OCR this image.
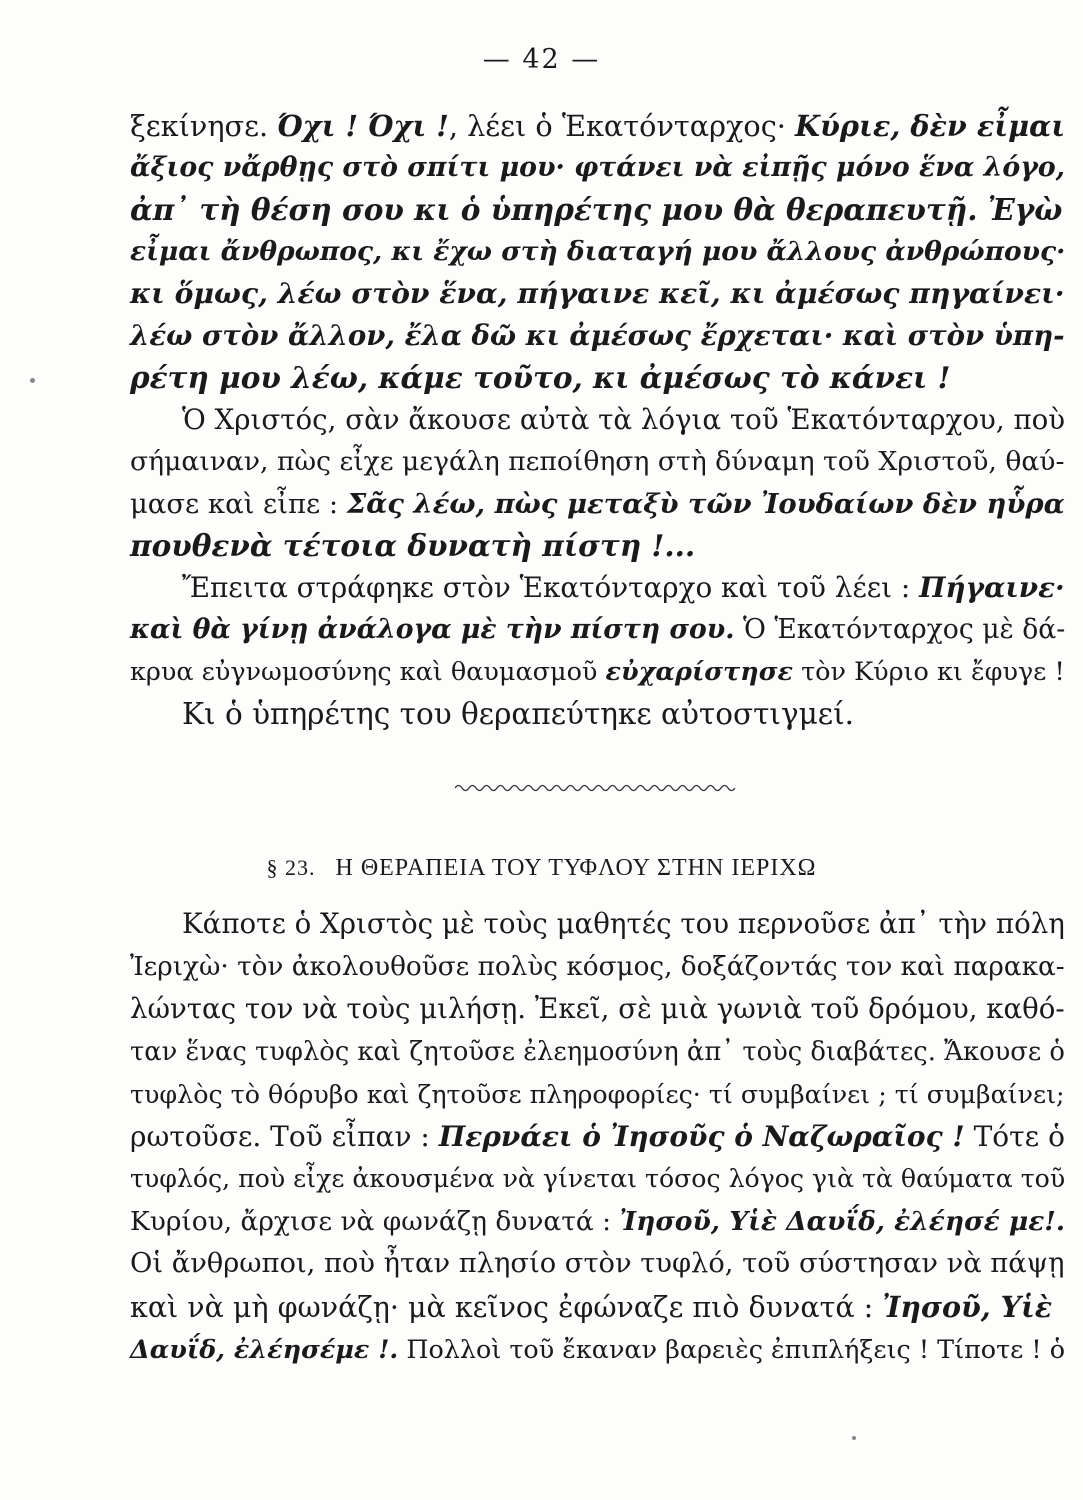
— 42 —
ξεκίνησε. Όχι ! Όχι !, λέει ὁ Ἑκατόνταρχος· Κύριε, δὲν εἶμαι
ἄξιος νἄρθῃς στὸ σπίτι μου· φτάνει νὰ εἰπῇς μόνο ἕνα λόγο,
ἀπ᾽ τὴ θέση σου κι ὁ ὑπηρέτης μου θὰ θεραπευτῇ. Ἐγὼ
εἶμαι ἄνθρωπος, κι ἔχω στὴ διαταγή μου ἄλλους ἀνθρώπους·
κι ὅμως, λέω στὸν ἕνα, πήγαινε κεῖ, κι ἀμέσως πηγαίνει·
λέω στὸν ἄλλον, ἔλα δῶ κι ἀμέσως ἔρχεται· καὶ στὸν ὑπη-
ρέτη μου λέω, κάμε τοῦτο, κι ἀμέσως τὸ κάνει !
Ὁ Χριστός, σὰν ἄκουσε αὐτὰ τὰ λόγια τοῦ Ἑκατόνταρχου, ποὺ
σήμαιναν, πὼς εἶχε μεγάλη πεποίθηση στὴ δύναμη τοῦ Χριστοῦ, θαύ-
μασε καὶ εἶπε : Σᾶς λέω, πὼς μεταξὺ τῶν Ἰουδαίων δὲν ηὗρα
πουθενὰ τέτοια δυνατὴ πίστη !...
Ἔπειτα στράφηκε στὸν Ἑκατόνταρχο καὶ τοῦ λέει : Πήγαινε·
καὶ θὰ γίνῃ ἀνάλογα μὲ τὴν πίστη σου. Ὁ Ἑκατόνταρχος μὲ δά-
κρυα εὐγνωμοσύνης καὶ θαυμασμοῦ εὐχαρίστησε τὸν Κύριο κι ἔφυγε !
Κι ὁ ὑπηρέτης του θεραπεύτηκε αὐτοστιγμεί.
§ 23. Η ΘΕΡΑΠΕΙΑ ΤΟΥ ΤΥΦΛΟΥ ΣΤΗΝ ΙΕΡΙΧΩ
Κάποτε ὁ Χριστὸς μὲ τοὺς μαθητές του περνοῦσε ἀπ᾽ τὴν πόλη
Ἰεριχὼ· τὸν ἀκολουθοῦσε πολὺς κόσμος, δοξάζοντάς τον καὶ παρακα-
λώντας τον νὰ τοὺς μιλήσῃ. Ἐκεῖ, σὲ μιὰ γωνιὰ τοῦ δρόμου, καθό-
ταν ἕνας τυφλὸς καὶ ζητοῦσε ἐλεημοσύνη ἀπ᾽ τοὺς διαβάτες. Ἄκουσε ὁ
τυφλὸς τὸ θόρυβο καὶ ζητοῦσε πληροφορίες· τί συμβαίνει ; τί συμβαίνει;
ρωτοῦσε. Τοῦ εἶπαν : Περνάει ὁ Ἰησοῦς ὁ Ναζωραῖος ! Τότε ὁ
τυφλός, ποὺ εἶχε ἀκουσμένα νὰ γίνεται τόσος λόγος γιὰ τὰ θαύματα τοῦ
Κυρίου, ἄρχισε νὰ φωνάζῃ δυνατά : Ἰησοῦ, Υἱὲ Δαυΐδ, ἐλέησέ με!.
Οἱ ἄνθρωποι, ποὺ ἦταν πλησίο στὸν τυφλό, τοῦ σύστησαν νὰ πάψῃ
καὶ νὰ μὴ φωνάζῃ· μὰ κεῖνος ἐφώναζε πιὸ δυνατά : Ἰησοῦ, Υἱὲ
Δαυΐδ, ἐλέησέμε !. Πολλοὶ τοῦ ἔκαναν βαρειὲς ἐπιπλήξεις ! Τίποτε ! ὁ
